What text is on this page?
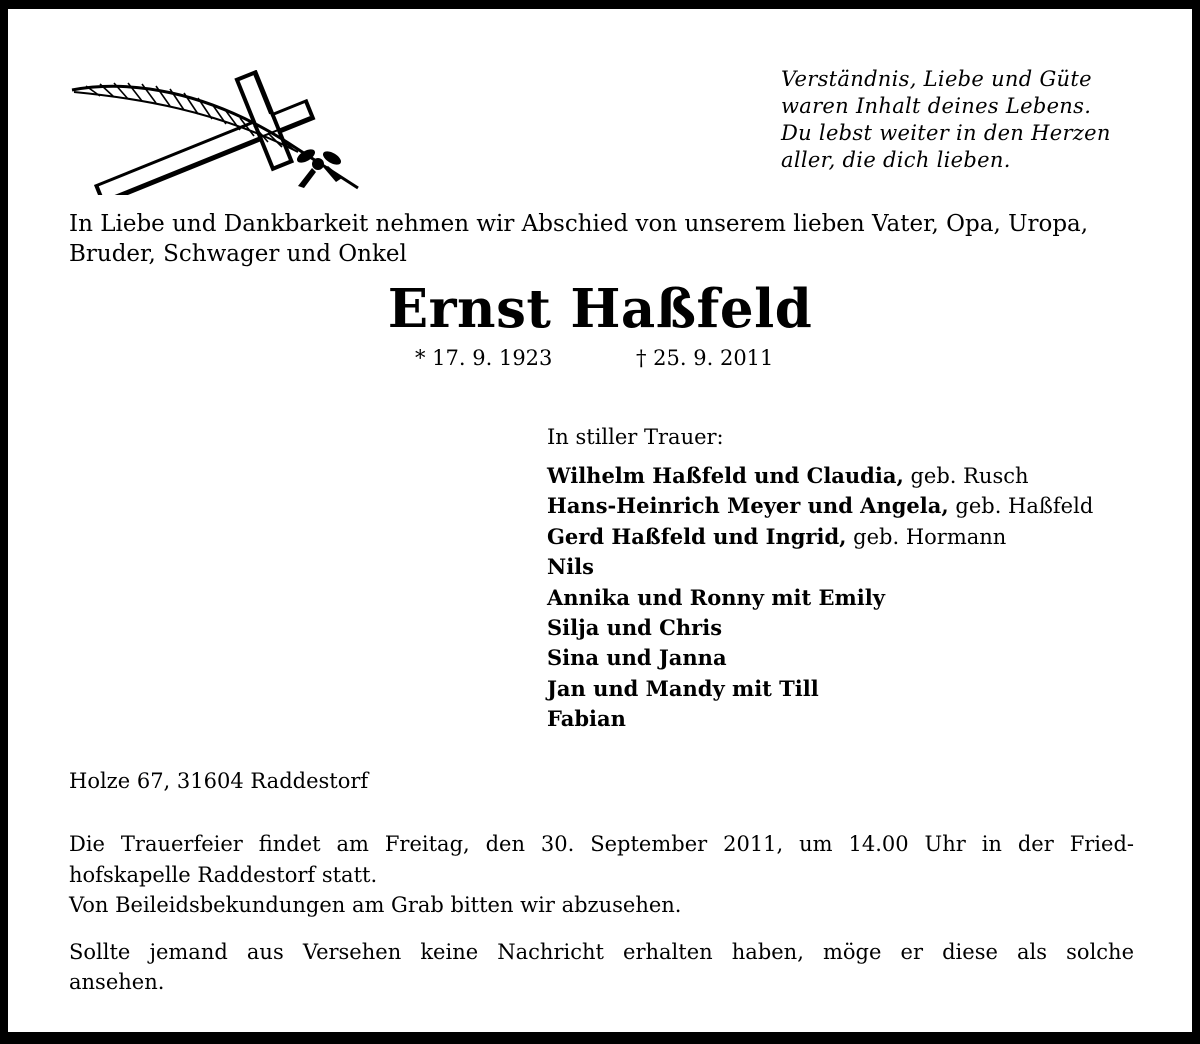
Verständnis, Liebe und Güte
waren Inhalt deines Lebens.
Du lebst weiter in den Herzen
aller, die dich lieben.
In Liebe und Dankbarkeit nehmen wir Abschied von unserem lieben Vater, Opa, Uropa,
Bruder, Schwager und Onkel
Ernst Haßfeld
* 17. 9. 1923	† 25. 9. 2011
In stiller Trauer:
Wilhelm Haßfeld und Claudia, geb. Rusch
Hans-Heinrich Meyer und Angela, geb. Haßfeld
Gerd Haßfeld und Ingrid, geb. Hormann
Nils
Annika und Ronny mit Emily
Silja und Chris
Sina und Janna
Jan und Mandy mit Till
Fabian
Holze 67, 31604 Raddestorf
Die Trauerfeier findet am Freitag, den 30. September 2011, um 14.00 Uhr in der Fried-
hofskapelle Raddestorf statt.
Von Beileidsbekundungen am Grab bitten wir abzusehen.
Sollte jemand aus Versehen keine Nachricht erhalten haben, möge er diese als solche
ansehen.
